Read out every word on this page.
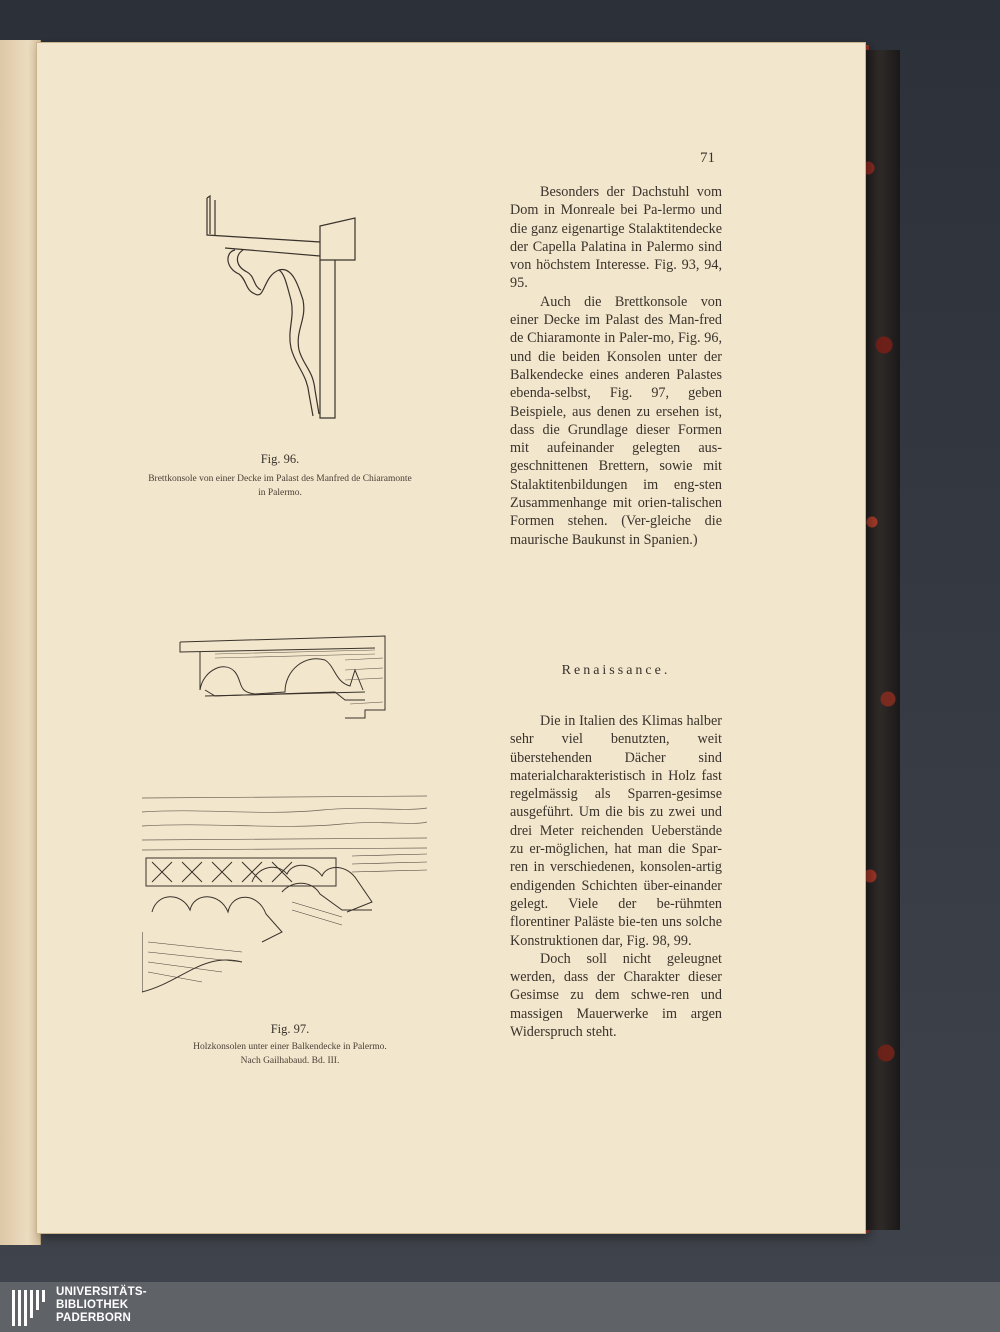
71
Fig. 96.
Brettkonsole von einer Decke im Palast des Manfred de Chiaramonte
in Palermo.
Fig. 97.
Holzkonsolen unter einer Balkendecke in Palermo.
Nach Gailhabaud. Bd. III.

Besonders der Dachstuhl vom Dom in Monreale bei Pa-lermo und die ganz eigenartige Stalaktitendecke der Capella Palatina in Palermo sind von höchstem Interesse. Fig. 93, 94, 95.

Auch die Brettkonsole von einer Decke im Palast des Man-fred de Chiaramonte in Paler-mo, Fig. 96, und die beiden Konsolen unter der Balkendecke eines anderen Palastes ebenda-selbst, Fig. 97, geben Beispiele, aus denen zu ersehen ist, dass die Grundlage dieser Formen mit aufeinander gelegten aus-geschnittenen Brettern, sowie mit Stalaktitenbildungen im eng-sten Zusammenhange mit orien-talischen Formen stehen. (Ver-gleiche die maurische Baukunst in Spanien.)

Renaissance.

Die in Italien des Klimas halber sehr viel benutzten, weit überstehenden Dächer sind materialcharakteristisch in Holz fast regelmässig als Sparren-gesimse ausgeführt. Um die bis zu zwei und drei Meter reichenden Ueberstände zu er-möglichen, hat man die Spar-ren in verschiedenen, konsolen-artig endigenden Schichten über-einander gelegt. Viele der be-rühmten florentiner Paläste bie-ten uns solche Konstruktionen dar, Fig. 98, 99.

Doch soll nicht geleugnet werden, dass der Charakter dieser Gesimse zu dem schwe-ren und massigen Mauerwerke im argen Widerspruch steht.

UNIVERSITÄTS-
BIBLIOTHEK
PADERBORN
